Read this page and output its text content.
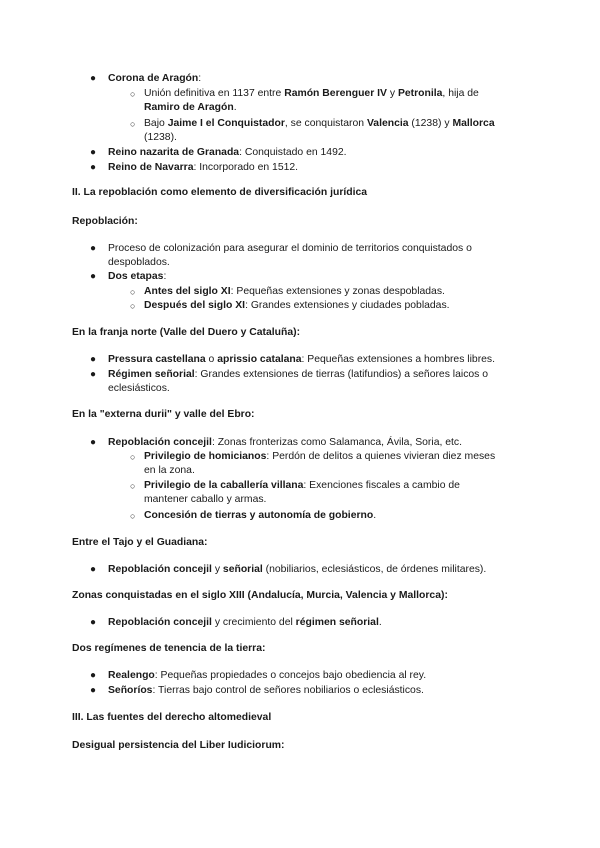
● Corona de Aragón:
○ Unión definitiva en 1137 entre Ramón Berenguer IV y Petronila, hija de
Ramiro de Aragón.
○ Bajo Jaime I el Conquistador, se conquistaron Valencia (1238) y Mallorca
(1238).
● Reino nazarita de Granada: Conquistado en 1492.
● Reino de Navarra: Incorporado en 1512.
II. La repoblación como elemento de diversificación jurídica
Repoblación:
● Proceso de colonización para asegurar el dominio de territorios conquistados o
despoblados.
● Dos etapas:
○ Antes del siglo XI: Pequeñas extensiones y zonas despobladas.
○ Después del siglo XI: Grandes extensiones y ciudades pobladas.
En la franja norte (Valle del Duero y Cataluña):
● Pressura castellana o aprissio catalana: Pequeñas extensiones a hombres libres.
● Régimen señorial: Grandes extensiones de tierras (latifundios) a señores laicos o
eclesiásticos.
En la "externa durii" y valle del Ebro:
● Repoblación concejil: Zonas fronterizas como Salamanca, Ávila, Soria, etc.
○ Privilegio de homicianos: Perdón de delitos a quienes vivieran diez meses
en la zona.
○ Privilegio de la caballería villana: Exenciones fiscales a cambio de
mantener caballo y armas.
○ Concesión de tierras y autonomía de gobierno.
Entre el Tajo y el Guadiana:
● Repoblación concejil y señorial (nobiliarios, eclesiásticos, de órdenes militares).
Zonas conquistadas en el siglo XIII (Andalucía, Murcia, Valencia y Mallorca):
● Repoblación concejil y crecimiento del régimen señorial.
Dos regímenes de tenencia de la tierra:
● Realengo: Pequeñas propiedades o concejos bajo obediencia al rey.
● Señoríos: Tierras bajo control de señores nobiliarios o eclesiásticos.
III. Las fuentes del derecho altomedieval
Desigual persistencia del Liber Iudiciorum:
